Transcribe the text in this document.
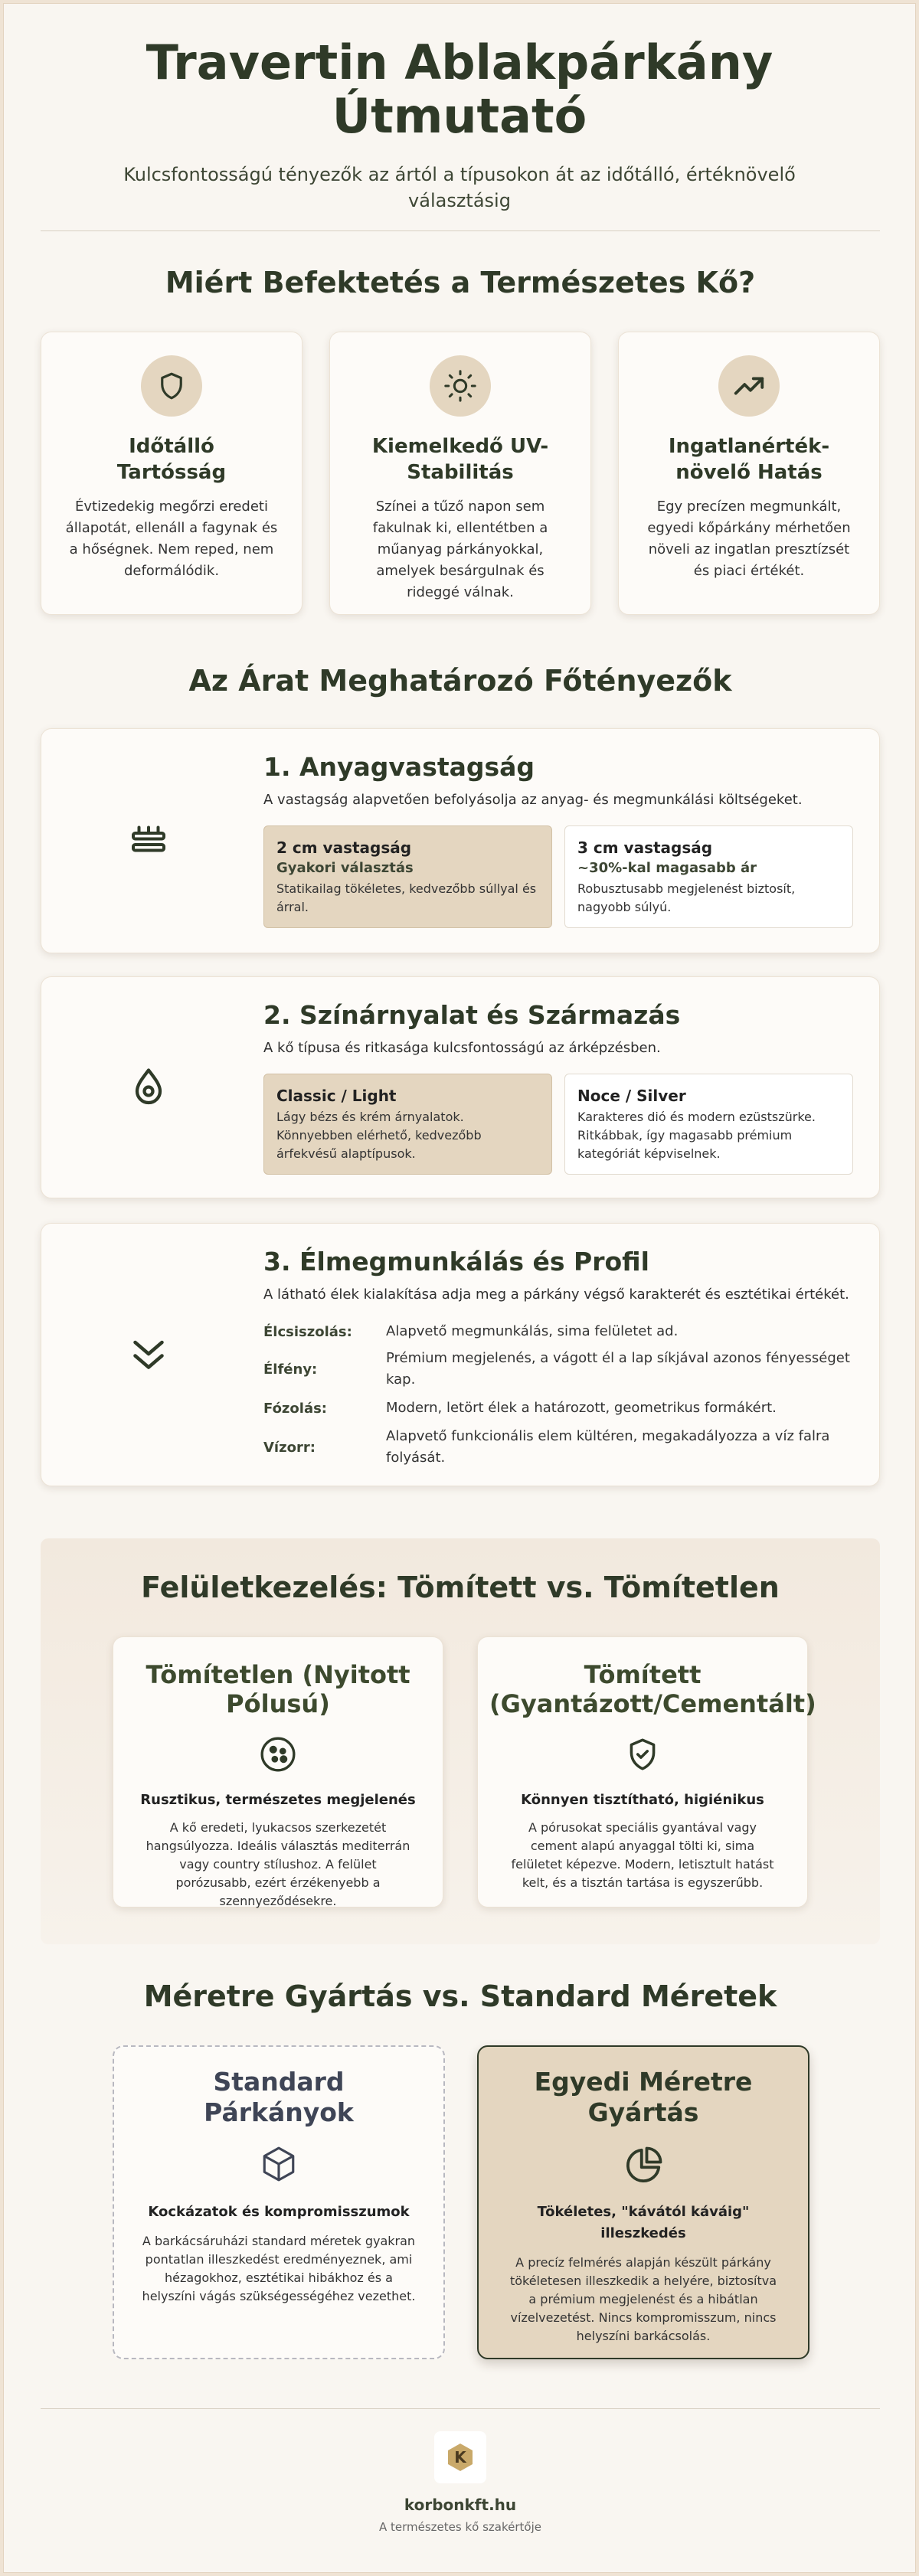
Travertin Ablakpárkány Útmutató

Kulcsfontosságú tényezők az ártól a típusokon át az időtálló, értéknövelő választásig

Miért Befektetés a Természetes Kő?
Időtálló Tartósság

Évtizedekig megőrzi eredeti állapotát, ellenáll a fagynak és a hőségnek. Nem reped, nem deformálódik.

Kiemelkedő UV-Stabilitás

Színei a tűző napon sem fakulnak ki, ellentétben a műanyag párkányokkal, amelyek besárgulnak és rideggé válnak.

Ingatlanérték-növelő Hatás

Egy precízen megmunkált, egyedi kőpárkány mérhetően növeli az ingatlan presztízsét és piaci értékét.

Az Árat Meghatározó Főtényezők
1. Anyagvastagság
A vastagság alapvetően befolyásolja az anyag- és megmunkálási költségeket.
2 cm vastagság
Gyakori választás
Statikailag tökéletes, kedvezőbb súllyal és árral.
3 cm vastagság
~30%-kal magasabb ár
Robusztusabb megjelenést biztosít, nagyobb súlyú.
2. Színárnyalat és Származás
A kő típusa és ritkasága kulcsfontosságú az árképzésben.
Classic / Light
Lágy bézs és krém árnyalatok. Könnyebben elérhető, kedvezőbb árfekvésű alaptípusok.
Noce / Silver
Karakteres dió és modern ezüstszürke. Ritkábbak, így magasabb prémium kategóriát képviselnek.
3. Élmegmunkálás és Profil
A látható élek kialakítása adja meg a párkány végső karakterét és esztétikai értékét.
Élcsiszolás:	Alapvető megmunkálás, sima felületet ad.
Élfény:
Prémium megjelenés, a vágott él a lap síkjával azonos fényességet kap.
Fózolás:	Modern, letört élek a határozott, geometrikus formákért.
Vízorr:
Alapvető funkcionális elem kültéren, megakadályozza a víz falra folyását.
Felületkezelés: Tömített vs. Tömítetlen
Tömítetlen (Nyitott Pólusú)
Rusztikus, természetes megjelenés

A kő eredeti, lyukacsos szerkezetét hangsúlyozza. Ideális választás mediterrán vagy country stílushoz. A felület porózusabb, ezért érzékenyebb a szennyeződésekre.

Tömített (Gyantázott/Cementált)
Könnyen tisztítható, higiénikus

A pórusokat speciális gyantával vagy cement alapú anyaggal tölti ki, sima felületet képezve. Modern, letisztult hatást kelt, és a tisztán tartása is egyszerűbb.

Méretre Gyártás vs. Standard Méretek
Standard Párkányok
Kockázatok és kompromisszumok

A barkácsáruházi standard méretek gyakran pontatlan illeszkedést eredményeznek, ami hézagokhoz, esztétikai hibákhoz és a helyszíni vágás szükségességéhez vezethet.

Egyedi Méretre Gyártás
Tökéletes, "kávától káváig" illeszkedés

A precíz felmérés alapján készült párkány tökéletesen illeszkedik a helyére, biztosítva a prémium megjelenést és a hibátlan vízelvezetést. Nincs kompromisszum, nincs helyszíni barkácsolás.

K
korbonkft.hu
A természetes kő szakértője
